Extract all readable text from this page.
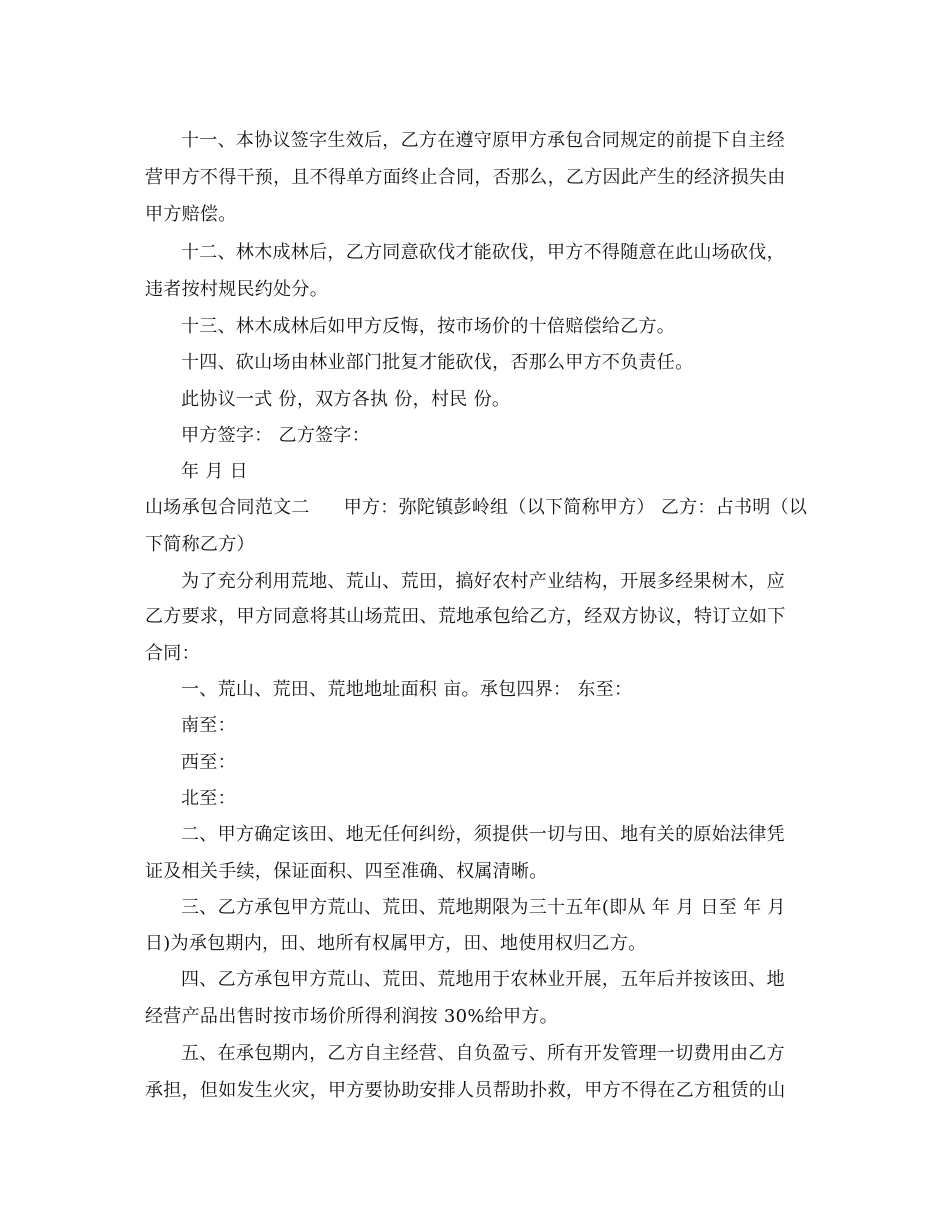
十一、本协议签字生效后，乙方在遵守原甲方承包合同规定的前提下自主经
营甲方不得干预，且不得单方面终止合同，否那么，乙方因此产生的经济损失由
甲方赔偿。
十二、林木成林后，乙方同意砍伐才能砍伐，甲方不得随意在此山场砍伐，
违者按村规民约处分。
十三、林木成林后如甲方反悔，按市场价的十倍赔偿给乙方。
十四、砍山场由林业部门批复才能砍伐，否那么甲方不负责任。
此协议一式 份，双方各执 份，村民 份。
甲方签字： 乙方签字：
年 月 日
山场承包合同范文二 甲方：弥陀镇彭岭组（以下简称甲方） 乙方：占书明（以
下简称乙方）
为了充分利用荒地、荒山、荒田，搞好农村产业结构，开展多经果树木，应
乙方要求，甲方同意将其山场荒田、荒地承包给乙方，经双方协议，特订立如下
合同：
一、荒山、荒田、荒地地址面积 亩。承包四界： 东至：
南至：
西至：
北至：
二、甲方确定该田、地无任何纠纷，须提供一切与田、地有关的原始法律凭
证及相关手续，保证面积、四至准确、权属清晰。
三、乙方承包甲方荒山、荒田、荒地期限为三十五年(即从 年 月 日至 年 月
日)为承包期内，田、地所有权属甲方，田、地使用权归乙方。
四、乙方承包甲方荒山、荒田、荒地用于农林业开展，五年后并按该田、地
经营产品出售时按市场价所得利润按 30%给甲方。
五、在承包期内，乙方自主经营、自负盈亏、所有开发管理一切费用由乙方
承担，但如发生火灾，甲方要协助安排人员帮助扑救，甲方不得在乙方租赁的山
